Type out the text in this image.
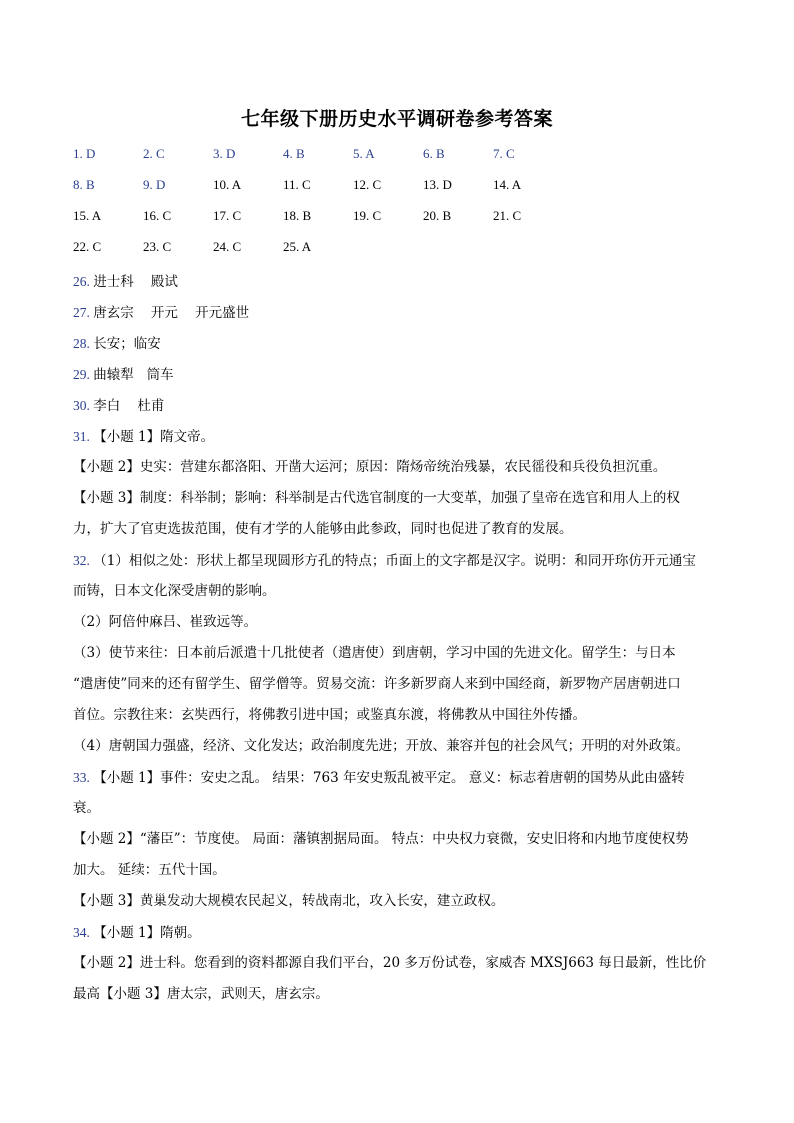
七年级下册历史水平调研卷参考答案
1. D	2. C	3. D	4. B	5. A	6. B	7. C
8. B	9. D	10. A	11. C	12. C	13. D	14. A
15. A	16. C	17. C	18. B	19. C	20. B	21. C
22. C	23. C	24. C	25. A
26. 进士科    殿试
27. 唐玄宗    开元    开元盛世
28. 长安；临安
29. 曲辕犁   筒车
30. 李白    杜甫
31. 【小题 1】隋文帝。
【小题 2】史实：营建东都洛阳、开凿大运河；原因：隋炀帝统治残暴，农民徭役和兵役负担沉重。
【小题 3】制度：科举制；影响：科举制是古代选官制度的一大变革，加强了皇帝在选官和用人上的权
力，扩大了官吏选拔范围，使有才学的人能够由此参政，同时也促进了教育的发展。
32. （1）相似之处：形状上都呈现圆形方孔的特点；币面上的文字都是汉字。说明：和同开珎仿开元通宝
而铸，日本文化深受唐朝的影响。
（2）阿倍仲麻吕、崔致远等。
（3）使节来往：日本前后派遣十几批使者（遣唐使）到唐朝，学习中国的先进文化。留学生：与日本
“遣唐使”同来的还有留学生、留学僧等。贸易交流：许多新罗商人来到中国经商，新罗物产居唐朝进口
首位。宗教往来：玄奘西行，将佛教引进中国；或鉴真东渡，将佛教从中国往外传播。
（4）唐朝国力强盛，经济、文化发达；政治制度先进；开放、兼容并包的社会风气；开明的对外政策。
33. 【小题 1】事件：安史之乱。 结果：763 年安史叛乱被平定。 意义：标志着唐朝的国势从此由盛转
衰。
【小题 2】“藩臣”：节度使。 局面：藩镇割据局面。 特点：中央权力衰微，安史旧将和内地节度使权势
加大。 延续：五代十国。
【小题 3】黄巢发动大规模农民起义，转战南北，攻入长安，建立政权。
34. 【小题 1】隋朝。
【小题 2】进士科。您看到的资料都源自我们平台，20 多万份试卷，家威杏 MXSJ663 每日最新，性比价
最高【小题 3】唐太宗，武则天，唐玄宗。
